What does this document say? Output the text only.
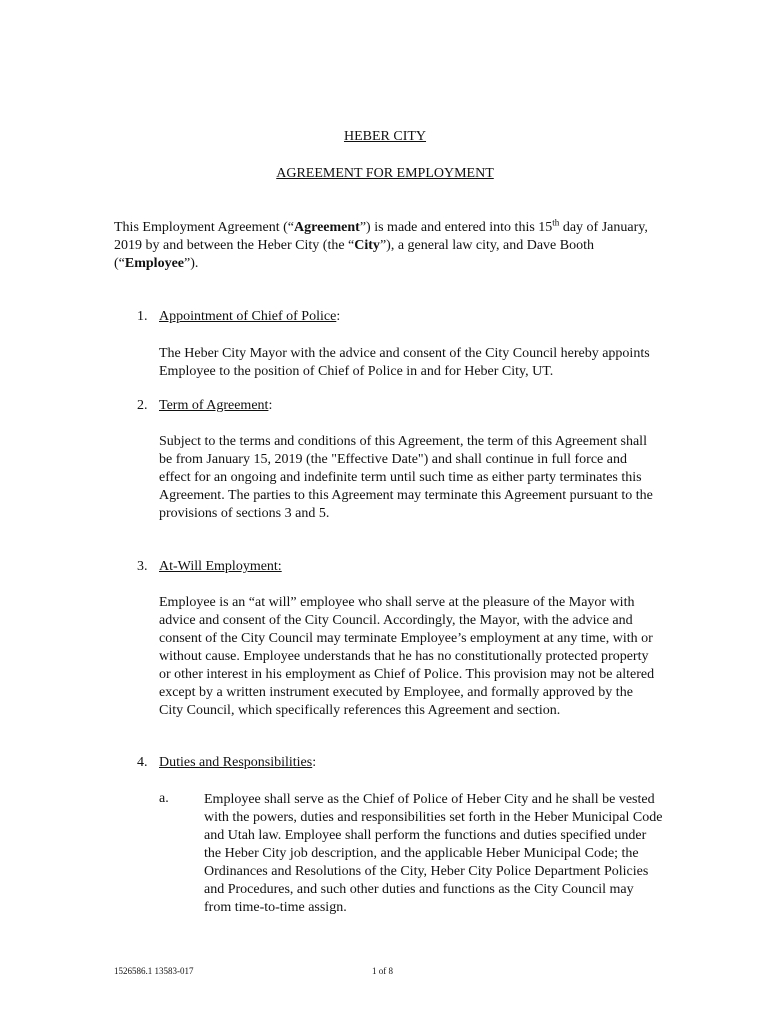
HEBER CITY

AGREEMENT FOR EMPLOYMENT

This Employment Agreement (“Agreement”) is made and entered into this 15th day of January, 2019 by and between the Heber City (the “City”), a general law city, and Dave Booth (“Employee”).

1. Appointment of Chief of Police:

The Heber City Mayor with the advice and consent of the City Council hereby appoints Employee to the position of Chief of Police in and for Heber City, UT.

2. Term of Agreement:

Subject to the terms and conditions of this Agreement, the term of this Agreement shall be from January 15, 2019 (the "Effective Date") and shall continue in full force and effect for an ongoing and indefinite term until such time as either party terminates this Agreement. The parties to this Agreement may terminate this Agreement pursuant to the provisions of sections 3 and 5.

3. At-Will Employment:

Employee is an “at will” employee who shall serve at the pleasure of the Mayor with advice and consent of the City Council. Accordingly, the Mayor, with the advice and consent of the City Council may terminate Employee’s employment at any time, with or without cause. Employee understands that he has no constitutionally protected property or other interest in his employment as Chief of Police. This provision may not be altered except by a written instrument executed by Employee, and formally approved by the City Council, which specifically references this Agreement and section.

4. Duties and Responsibilities:
a.	Employee shall serve as the Chief of Police of Heber City and he shall be vested with the powers, duties and responsibilities set forth in the Heber Municipal Code and Utah law. Employee shall perform the functions and duties specified under the Heber City job description, and the applicable Heber Municipal Code; the Ordinances and Resolutions of the City, Heber City Police Department Policies and Procedures, and such other duties and functions as the City Council may from time-to-time assign.

1526586.1 13583-017	1 of 8
